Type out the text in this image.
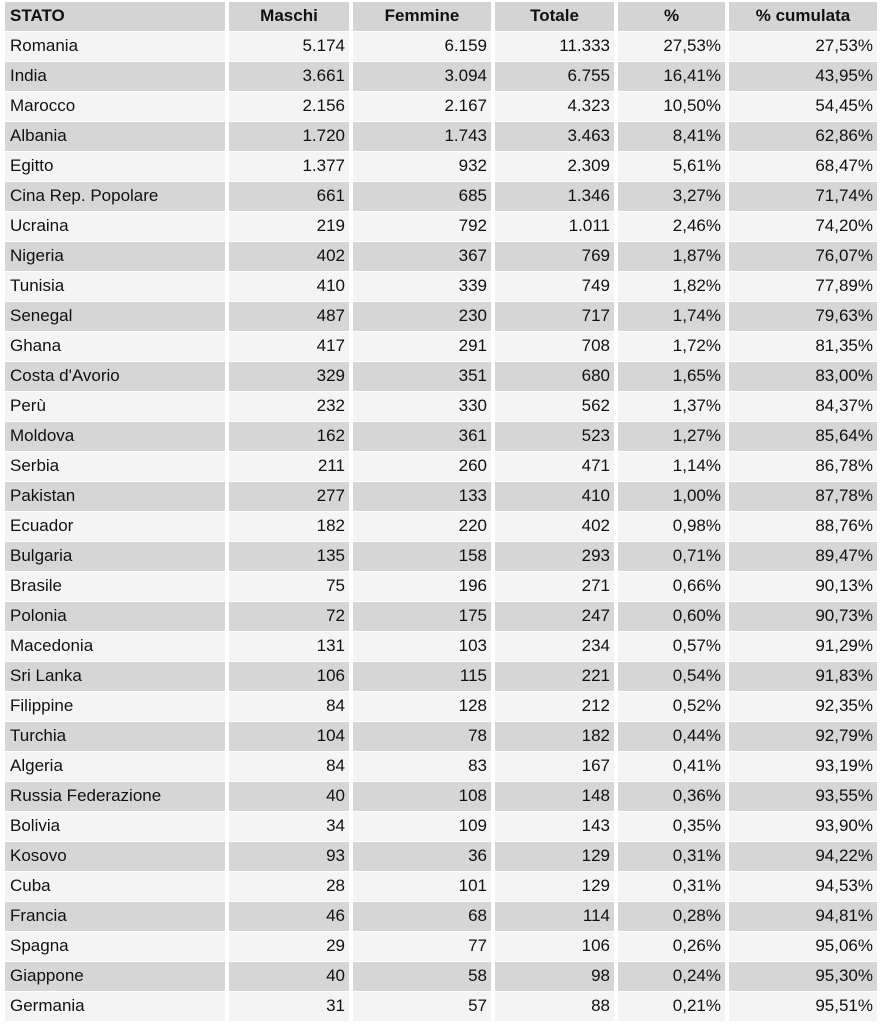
STATO	Maschi	Femmine	Totale	%	% cumulata
Romania	5.174	6.159	11.333	27,53%	27,53%
India	3.661	3.094	6.755	16,41%	43,95%
Marocco	2.156	2.167	4.323	10,50%	54,45%
Albania	1.720	1.743	3.463	8,41%	62,86%
Egitto	1.377	932	2.309	5,61%	68,47%
Cina Rep. Popolare	661	685	1.346	3,27%	71,74%
Ucraina	219	792	1.011	2,46%	74,20%
Nigeria	402	367	769	1,87%	76,07%
Tunisia	410	339	749	1,82%	77,89%
Senegal	487	230	717	1,74%	79,63%
Ghana	417	291	708	1,72%	81,35%
Costa d'Avorio	329	351	680	1,65%	83,00%
Perù	232	330	562	1,37%	84,37%
Moldova	162	361	523	1,27%	85,64%
Serbia	211	260	471	1,14%	86,78%
Pakistan	277	133	410	1,00%	87,78%
Ecuador	182	220	402	0,98%	88,76%
Bulgaria	135	158	293	0,71%	89,47%
Brasile	75	196	271	0,66%	90,13%
Polonia	72	175	247	0,60%	90,73%
Macedonia	131	103	234	0,57%	91,29%
Sri Lanka	106	115	221	0,54%	91,83%
Filippine	84	128	212	0,52%	92,35%
Turchia	104	78	182	0,44%	92,79%
Algeria	84	83	167	0,41%	93,19%
Russia Federazione	40	108	148	0,36%	93,55%
Bolivia	34	109	143	0,35%	93,90%
Kosovo	93	36	129	0,31%	94,22%
Cuba	28	101	129	0,31%	94,53%
Francia	46	68	114	0,28%	94,81%
Spagna	29	77	106	0,26%	95,06%
Giappone	40	58	98	0,24%	95,30%
Germania	31	57	88	0,21%	95,51%
